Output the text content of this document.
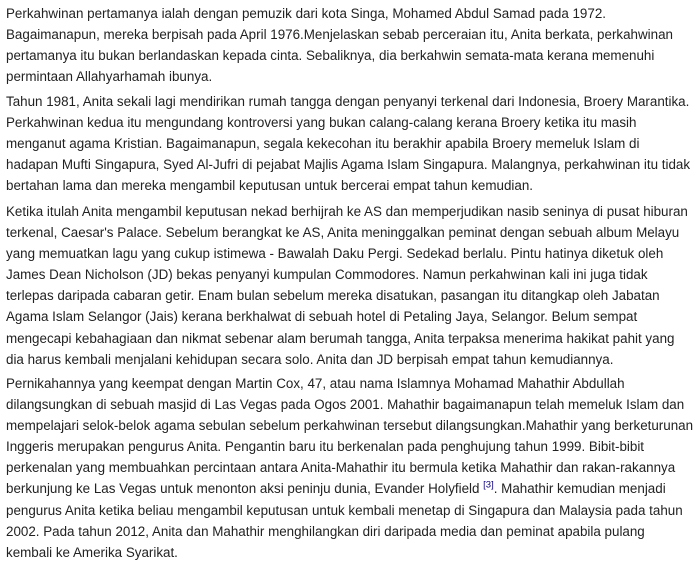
Perkahwinan pertamanya ialah dengan pemuzik dari kota Singa, Mohamed Abdul Samad pada 1972.
Bagaimanapun, mereka berpisah pada April 1976.Menjelaskan sebab perceraian itu, Anita berkata, perkahwinan
pertamanya itu bukan berlandaskan kepada cinta. Sebaliknya, dia berkahwin semata-mata kerana memenuhi
permintaan Allahyarhamah ibunya.

Tahun 1981, Anita sekali lagi mendirikan rumah tangga dengan penyanyi terkenal dari Indonesia, Broery Marantika.
Perkahwinan kedua itu mengundang kontroversi yang bukan calang-calang kerana Broery ketika itu masih
menganut agama Kristian. Bagaimanapun, segala kekecohan itu berakhir apabila Broery memeluk Islam di
hadapan Mufti Singapura, Syed Al-Jufri di pejabat Majlis Agama Islam Singapura. Malangnya, perkahwinan itu tidak
bertahan lama dan mereka mengambil keputusan untuk bercerai empat tahun kemudian.

Ketika itulah Anita mengambil keputusan nekad berhijrah ke AS dan memperjudikan nasib seninya di pusat hiburan
terkenal, Caesar's Palace. Sebelum berangkat ke AS, Anita meninggalkan peminat dengan sebuah album Melayu
yang memuatkan lagu yang cukup istimewa - Bawalah Daku Pergi. Sedekad berlalu. Pintu hatinya diketuk oleh
James Dean Nicholson (JD) bekas penyanyi kumpulan Commodores. Namun perkahwinan kali ini juga tidak
terlepas daripada cabaran getir. Enam bulan sebelum mereka disatukan, pasangan itu ditangkap oleh Jabatan
Agama Islam Selangor (Jais) kerana berkhalwat di sebuah hotel di Petaling Jaya, Selangor. Belum sempat
mengecapi kebahagiaan dan nikmat sebenar alam berumah tangga, Anita terpaksa menerima hakikat pahit yang
dia harus kembali menjalani kehidupan secara solo. Anita dan JD berpisah empat tahun kemudiannya.

Pernikahannya yang keempat dengan Martin Cox, 47, atau nama Islamnya Mohamad Mahathir Abdullah
dilangsungkan di sebuah masjid di Las Vegas pada Ogos 2001. Mahathir bagaimanapun telah memeluk Islam dan
mempelajari selok-belok agama sebulan sebelum perkahwinan tersebut dilangsungkan.Mahathir yang berketurunan
Inggeris merupakan pengurus Anita. Pengantin baru itu berkenalan pada penghujung tahun 1999. Bibit-bibit
perkenalan yang membuahkan percintaan antara Anita-Mahathir itu bermula ketika Mahathir dan rakan-rakannya
berkunjung ke Las Vegas untuk menonton aksi peninju dunia, Evander Holyfield [3]. Mahathir kemudian menjadi
pengurus Anita ketika beliau mengambil keputusan untuk kembali menetap di Singapura dan Malaysia pada tahun
2002. Pada tahun 2012, Anita dan Mahathir menghilangkan diri daripada media dan peminat apabila pulang
kembali ke Amerika Syarikat.
